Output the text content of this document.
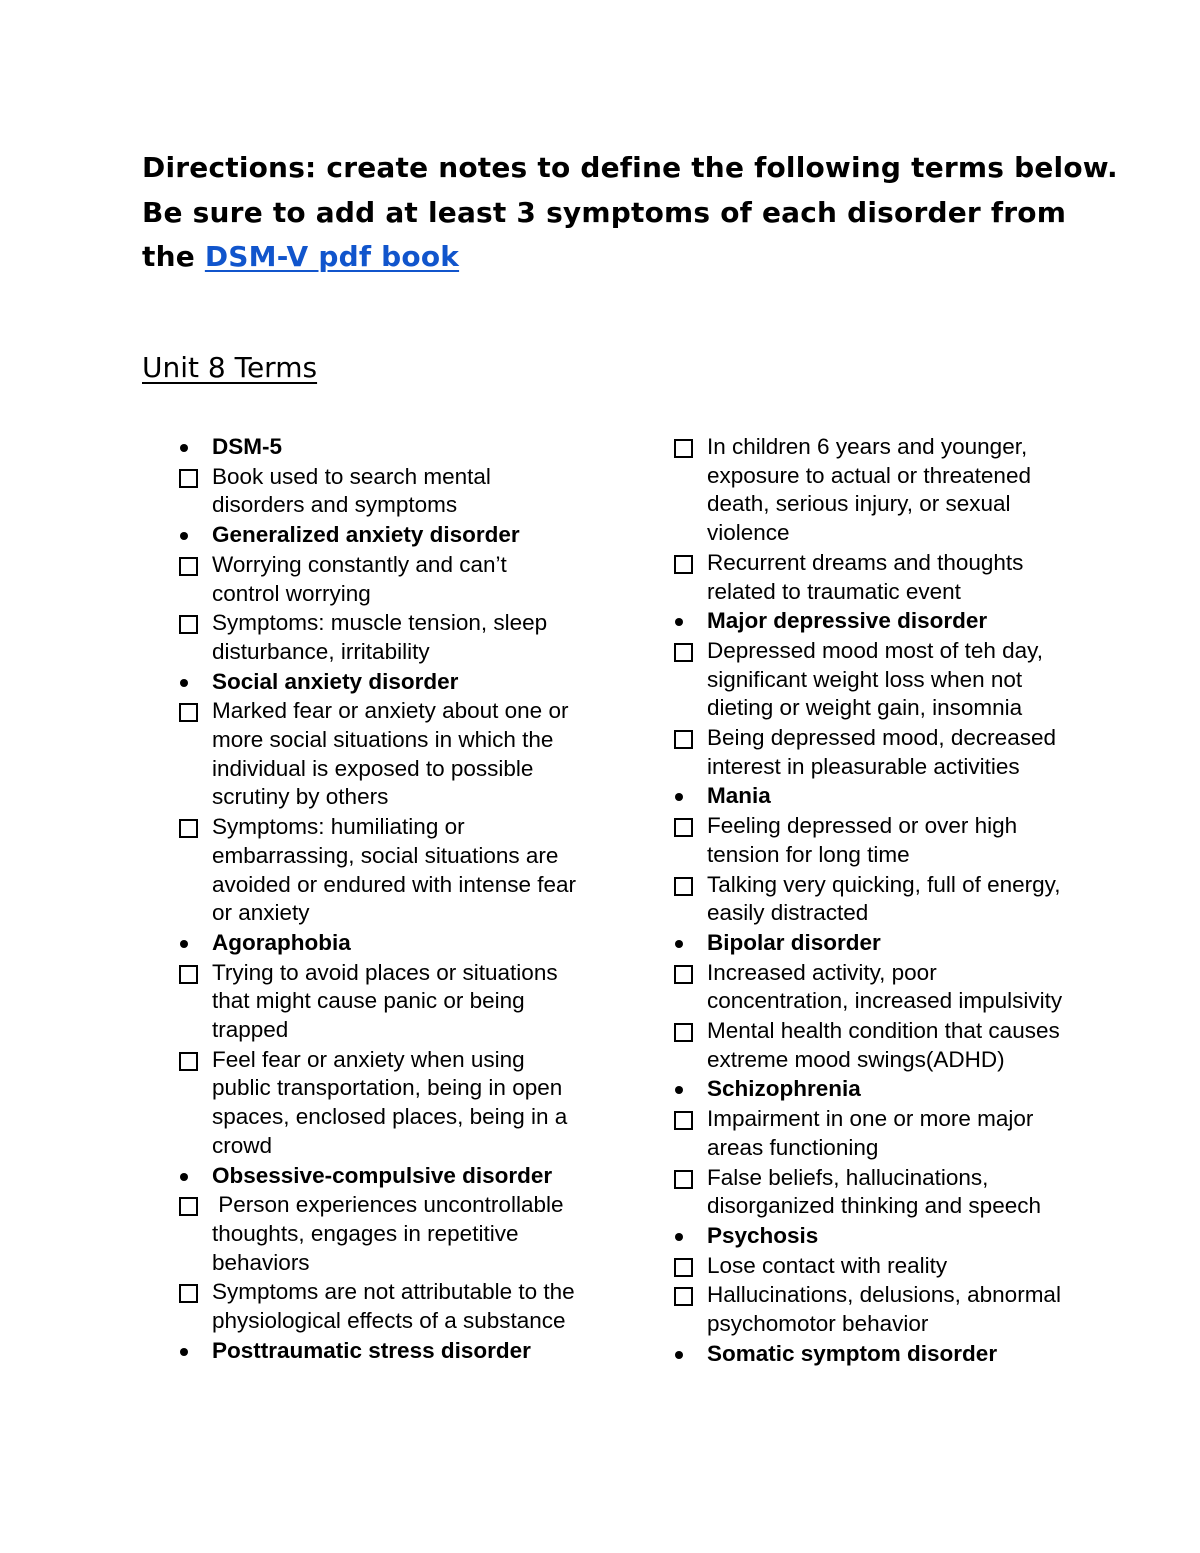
Directions: create notes to define the following terms below.
Be sure to add at least 3 symptoms of each disorder from
the DSM-V pdf book
Unit 8 Terms
DSM-5
Book used to search mental disorders and symptoms
Generalized anxiety disorder
Worrying constantly and can’t control worrying
Symptoms: muscle tension, sleep disturbance, irritability
Social anxiety disorder
Marked fear or anxiety about one or more social situations in which the individual is exposed to possible scrutiny by others
Symptoms: humiliating or embarrassing, social situations are avoided or endured with intense fear or anxiety
Agoraphobia
Trying to avoid places or situations that might cause panic or being trapped
Feel fear or anxiety when using public transportation, being in open spaces, enclosed places, being in a crowd
Obsessive-compulsive disorder
Person experiences uncontrollable thoughts, engages in repetitive behaviors
Symptoms are not attributable to the physiological effects of a substance
Posttraumatic stress disorder
In children 6 years and younger, exposure to actual or threatened death, serious injury, or sexual violence
Recurrent dreams and thoughts related to traumatic event
Major depressive disorder
Depressed mood most of teh day, significant weight loss when not dieting or weight gain, insomnia
Being depressed mood, decreased interest in pleasurable activities
Mania
Feeling depressed or over high tension for long time
Talking very quicking, full of energy, easily distracted
Bipolar disorder
Increased activity, poor concentration, increased impulsivity
Mental health condition that causes extreme mood swings(ADHD)
Schizophrenia
Impairment in one or more major areas functioning
False beliefs, hallucinations, disorganized thinking and speech
Psychosis
Lose contact with reality
Hallucinations, delusions, abnormal psychomotor behavior
Somatic symptom disorder
